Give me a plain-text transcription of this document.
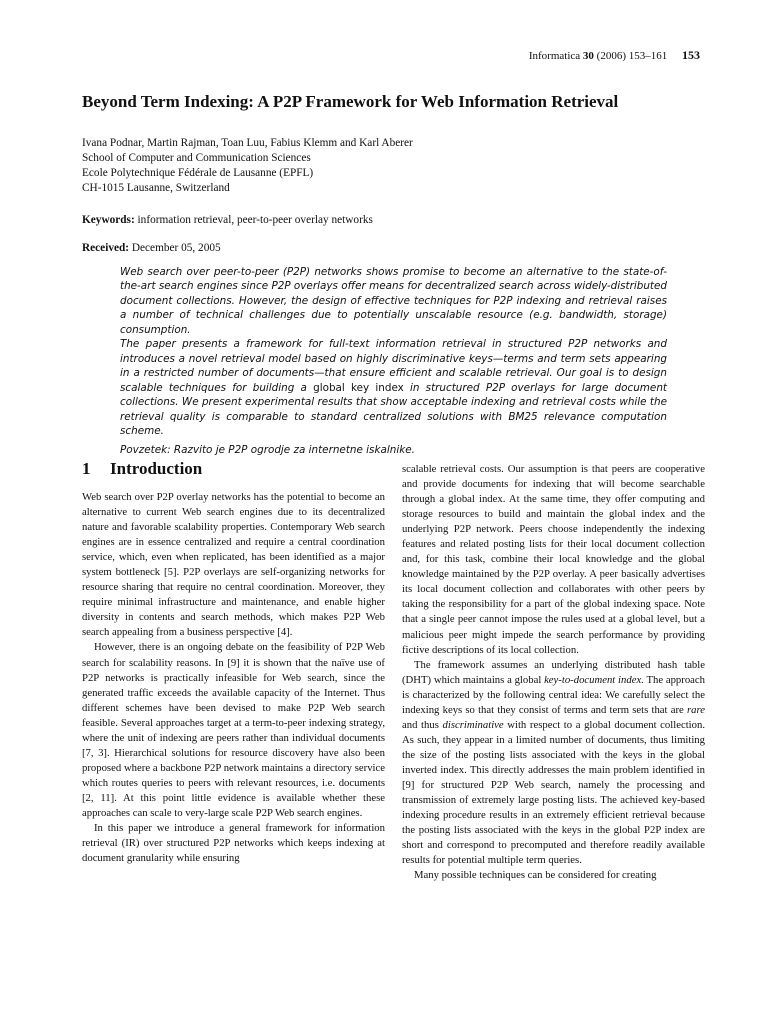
Informatica 30 (2006) 153–161 153
Beyond Term Indexing: A P2P Framework for Web Information Retrieval
Ivana Podnar, Martin Rajman, Toan Luu, Fabius Klemm and Karl Aberer
School of Computer and Communication Sciences
Ecole Polytechnique Fédérale de Lausanne (EPFL)
CH-1015 Lausanne, Switzerland
Keywords: information retrieval, peer-to-peer overlay networks
Received: December 05, 2005

Web search over peer-to-peer (P2P) networks shows promise to become an alternative to the state-of-the-art search engines since P2P overlays offer means for decentralized search across widely-distributed document collections. However, the design of effective techniques for P2P indexing and retrieval raises a number of technical challenges due to potentially unscalable resource (e.g. bandwidth, storage) consumption.

The paper presents a framework for full-text information retrieval in structured P2P networks and introduces a novel retrieval model based on highly discriminative keys—terms and term sets appearing in a restricted number of documents—that ensure efficient and scalable retrieval. Our goal is to design scalable techniques for building a global key index in structured P2P overlays for large document collections. We present experimental results that show acceptable indexing and retrieval costs while the retrieval quality is comparable to standard centralized solutions with BM25 relevance computation scheme.

Povzetek: Razvito je P2P ogrodje za internetne iskalnike.

1 Introduction

Web search over P2P overlay networks has the potential to become an alternative to current Web search engines due to its decentralized nature and favorable scalability properties. Contemporary Web search engines are in essence centralized and require a central coordination service, which, even when replicated, has been identified as a major system bottleneck [5]. P2P overlays are self-organizing networks for resource sharing that require no central coordination. Moreover, they require minimal infrastructure and maintenance, and enable higher diversity in contents and search methods, which makes P2P Web search appealing from a business perspective [4].

However, there is an ongoing debate on the feasibility of P2P Web search for scalability reasons. In [9] it is shown that the naïve use of P2P networks is practically infeasible for Web search, since the generated traffic exceeds the available capacity of the Internet. Thus different schemes have been devised to make P2P Web search feasible. Several approaches target at a term-to-peer indexing strategy, where the unit of indexing are peers rather than individual documents [7, 3]. Hierarchical solutions for resource discovery have also been proposed where a backbone P2P network maintains a directory service which routes queries to peers with relevant resources, i.e. documents [2, 11]. At this point little evidence is available whether these approaches can scale to very-large scale P2P Web search engines.

In this paper we introduce a general framework for information retrieval (IR) over structured P2P networks which keeps indexing at document granularity while ensuring

scalable retrieval costs. Our assumption is that peers are cooperative and provide documents for indexing that will become searchable through a global index. At the same time, they offer computing and storage resources to build and maintain the global index and the underlying P2P network. Peers choose independently the indexing features and related posting lists for their local document collection and, for this task, combine their local knowledge and the global knowledge maintained by the P2P overlay. A peer basically advertises its local document collection and collaborates with other peers by taking the responsibility for a part of the global indexing space. Note that a single peer cannot impose the rules used at a global level, but a malicious peer might impede the search performance by providing fictive descriptions of its local collection.

The framework assumes an underlying distributed hash table (DHT) which maintains a global key-to-document index. The approach is characterized by the following central idea: We carefully select the indexing keys so that they consist of terms and term sets that are rare and thus discriminative with respect to a global document collection. As such, they appear in a limited number of documents, thus limiting the size of the posting lists associated with the keys in the global inverted index. This directly addresses the main problem identified in [9] for structured P2P Web search, namely the processing and transmission of extremely large posting lists. The achieved key-based indexing procedure results in an extremely efficient retrieval because the posting lists associated with the keys in the global P2P index are short and correspond to precomputed and therefore readily available results for potential multiple term queries.

Many possible techniques can be considered for creating
